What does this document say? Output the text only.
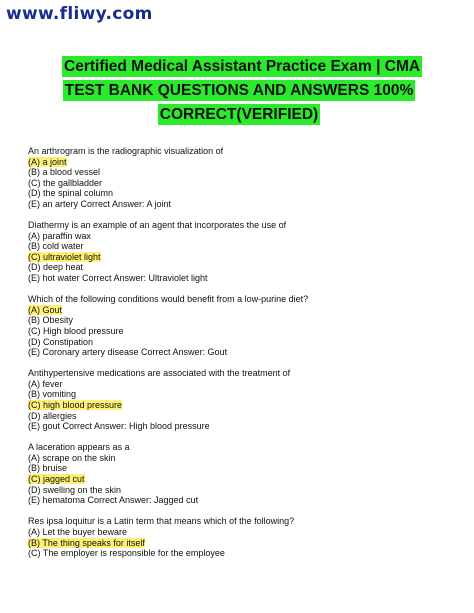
www.fliwy.com
Certified Medical Assistant Practice Exam | CMA
TEST BANK QUESTIONS AND ANSWERS 100%
CORRECT(VERIFIED)
An arthrogram is the radiographic visualization of
(A) a joint
(B) a blood vessel
(C) the gallbladder
(D) the spinal column
(E) an artery Correct Answer: A joint
Diathermy is an example of an agent that incorporates the use of
(A) paraffin wax
(B) cold water
(C) ultraviolet light
(D) deep heat
(E) hot water Correct Answer: Ultraviolet light
Which of the following conditions would benefit from a low-purine diet?
(A) Gout
(B) Obesity
(C) High blood pressure
(D) Constipation
(E) Coronary artery disease Correct Answer: Gout
Antihypertensive medications are associated with the treatment of
(A) fever
(B) vomiting
(C) high blood pressure
(D) allergies
(E) gout Correct Answer: High blood pressure
A laceration appears as a
(A) scrape on the skin
(B) bruise
(C) jagged cut
(D) swelling on the skin
(E) hematoma Correct Answer: Jagged cut
Res ipsa loquitur is a Latin term that means which of the following?
(A) Let the buyer beware
(B) The thing speaks for itself
(C) The employer is responsible for the employee
